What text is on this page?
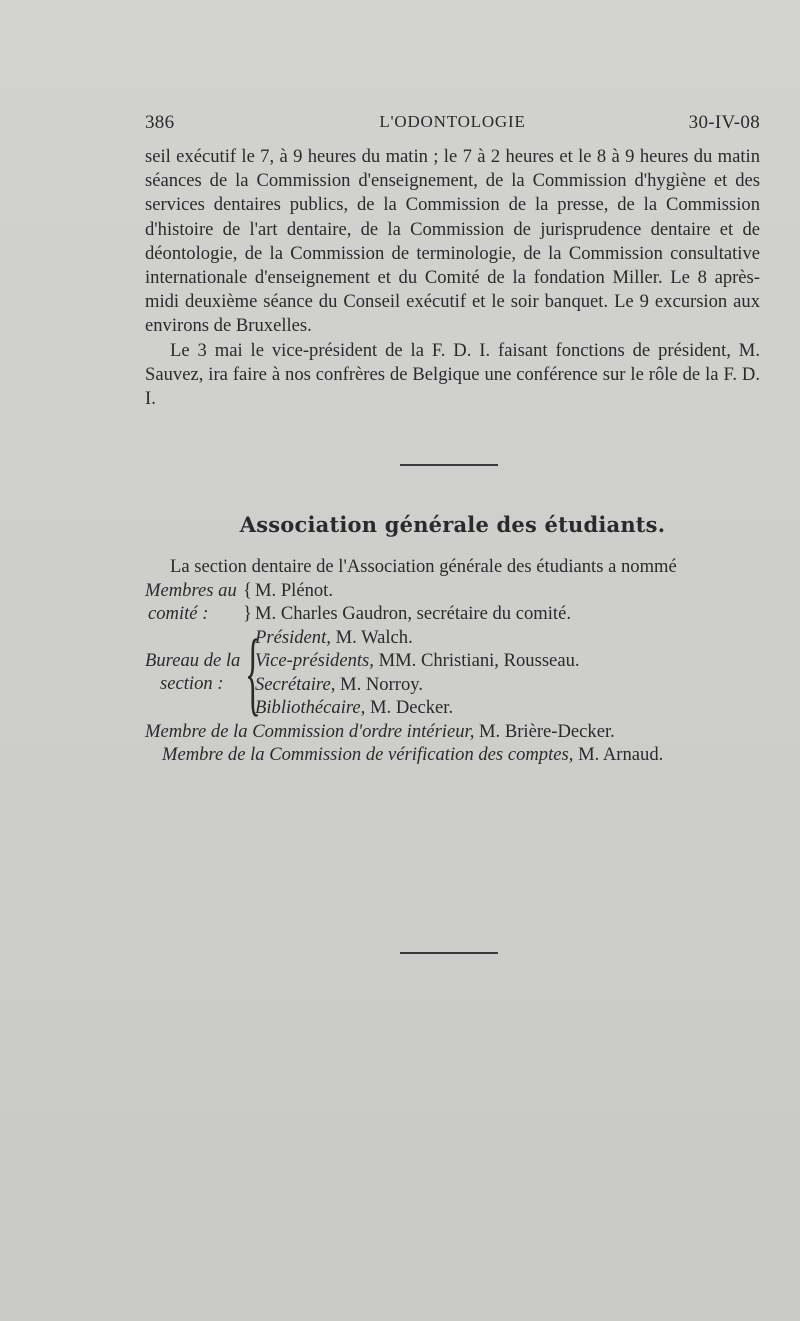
386	L'ODONTOLOGIE	30-IV-08

seil exécutif le 7, à 9 heures du matin ; le 7 à 2 heures et le 8 à 9 heures du matin séances de la Commission d'enseignement, de la Commission d'hygiène et des services dentaires publics, de la Commission de la presse, de la Commission d'histoire de l'art dentaire, de la Commission de jurisprudence dentaire et de déontologie, de la Commission de terminologie, de la Commission consultative internationale d'enseignement et du Comité de la fondation Miller. Le 8 après-midi deuxième séance du Conseil exécutif et le soir banquet. Le 9 excursion aux environs de Bruxelles.

Le 3 mai le vice-président de la F. D. I. faisant fonctions de président, M. Sauvez, ira faire à nos confrères de Belgique une conférence sur le rôle de la F. D. I.

Association générale des étudiants.

La section dentaire de l'Association générale des étudiants a nommé

Membres au { M. Plénot.
comité : } M. Charles Gaudron, secrétaire du comité.
{
Bureau de la
section :
Président, M. Walch.
Vice-présidents, MM. Christiani, Rousseau.
Secrétaire, M. Norroy.
Bibliothécaire, M. Decker.

Membre de la Commission d'ordre intérieur, M. Brière-Decker.

Membre de la Commission de vérification des comptes, M. Arnaud.
